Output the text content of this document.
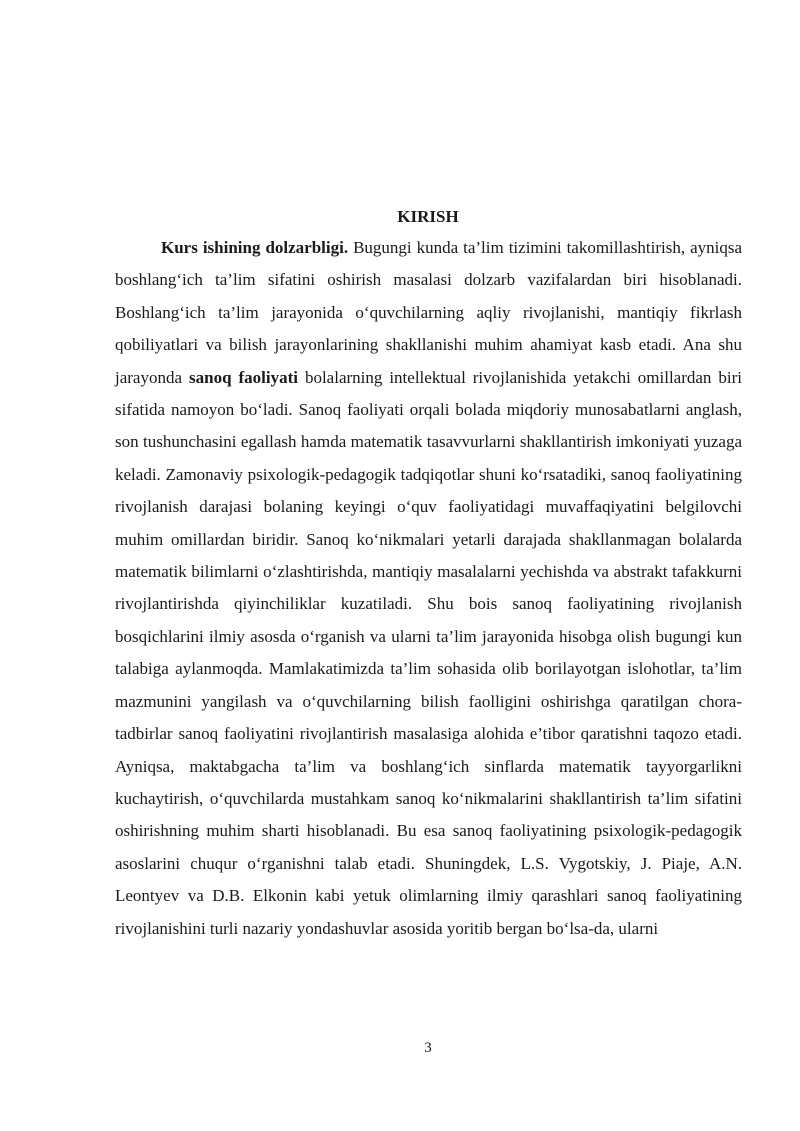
KIRISH

Kurs ishining dolzarbligi. Bugungi kunda ta’lim tizimini takomillashtirish, ayniqsa boshlang‘ich ta’lim sifatini oshirish masalasi dolzarb vazifalardan biri hisoblanadi. Boshlang‘ich ta’lim jarayonida o‘quvchilarning aqliy rivojlanishi, mantiqiy fikrlash qobiliyatlari va bilish jarayonlarining shakllanishi muhim ahamiyat kasb etadi. Ana shu jarayonda sanoq faoliyati bolalarning intellektual rivojlanishida yetakchi omillardan biri sifatida namoyon bo‘ladi. Sanoq faoliyati orqali bolada miqdoriy munosabatlarni anglash, son tushunchasini egallash hamda matematik tasavvurlarni shakllantirish imkoniyati yuzaga keladi. Zamonaviy psixologik-pedagogik tadqiqotlar shuni ko‘rsatadiki, sanoq faoliyatining rivojlanish darajasi bolaning keyingi o‘quv faoliyatidagi muvaffaqiyatini belgilovchi muhim omillardan biridir. Sanoq ko‘nikmalari yetarli darajada shakllanmagan bolalarda matematik bilimlarni o‘zlashtirishda, mantiqiy masalalarni yechishda va abstrakt tafakkurni rivojlantirishda qiyinchiliklar kuzatiladi. Shu bois sanoq faoliyatining rivojlanish bosqichlarini ilmiy asosda o‘rganish va ularni ta’lim jarayonida hisobga olish bugungi kun talabiga aylanmoqda. Mamlakatimizda ta’lim sohasida olib borilayotgan islohotlar, ta’lim mazmunini yangilash va o‘quvchilarning bilish faolligini oshirishga qaratilgan chora-tadbirlar sanoq faoliyatini rivojlantirish masalasiga alohida e’tibor qaratishni taqozo etadi. Ayniqsa, maktabgacha ta’lim va boshlang‘ich sinflarda matematik tayyorgarlikni kuchaytirish, o‘quvchilarda mustahkam sanoq ko‘nikmalarini shakllantirish ta’lim sifatini oshirishning muhim sharti hisoblanadi. Bu esa sanoq faoliyatining psixologik-pedagogik asoslarini chuqur o‘rganishni talab etadi. Shuningdek, L.S. Vygotskiy, J. Piaje, A.N. Leontyev va D.B. Elkonin kabi yetuk olimlarning ilmiy qarashlari sanoq faoliyatining rivojlanishini turli nazariy yondashuvlar asosida yoritib bergan bo‘lsa-da, ularni

3
